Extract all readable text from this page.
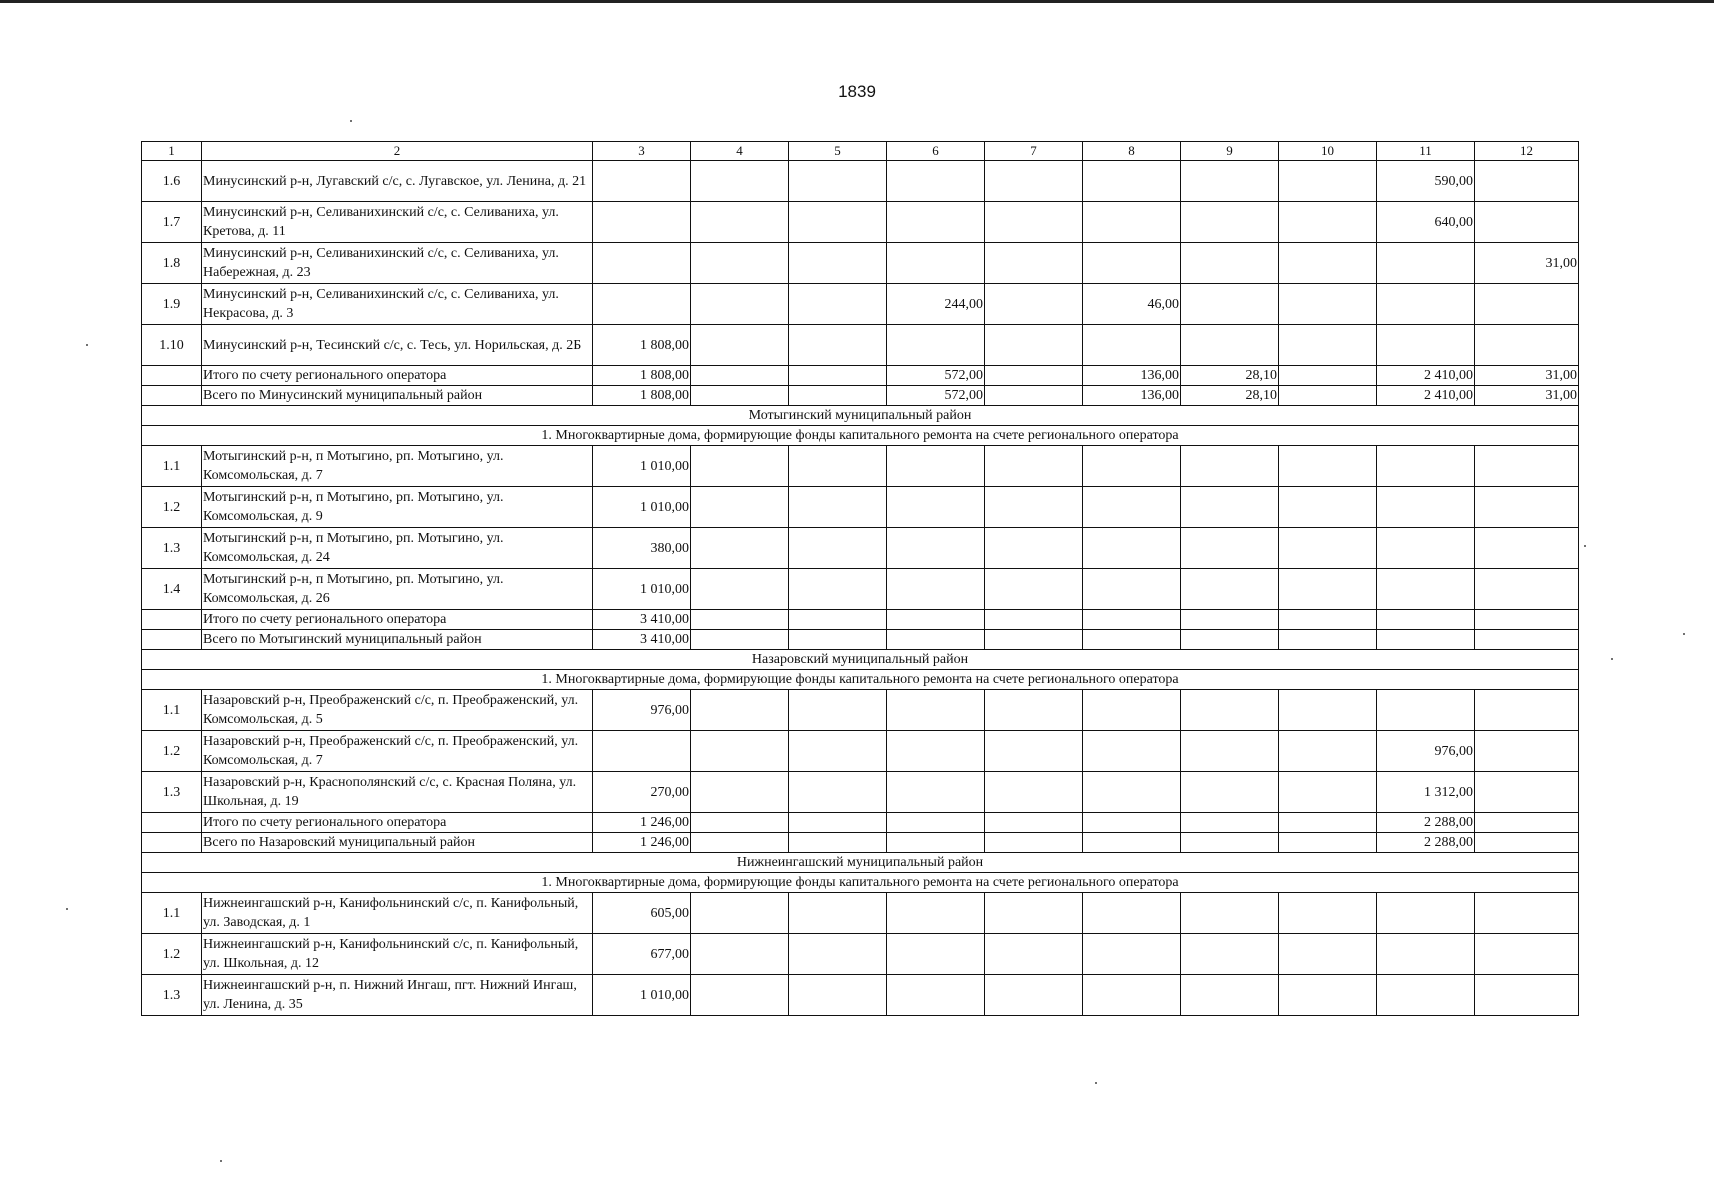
1839
1	2	3	4	5	6	7	8	9	10	11	12
1.6	Минусинский р-н, Лугавский с/с, с. Лугавское, ул. Ленина, д. 21									590,00	
1.7	Минусинский р-н, Селиванихинский с/с, с. Селиваниха, ул. Кретова, д. 11									640,00	
1.8	Минусинский р-н, Селиванихинский с/с, с. Селиваниха, ул. Набережная, д. 23										31,00
1.9	Минусинский р-н, Селиванихинский с/с, с. Селиваниха, ул. Некрасова, д. 3				244,00		46,00				
1.10	Минусинский р-н, Тесинский с/с, с. Тесь, ул. Норильская, д. 2Б	1 808,00									
	Итого по счету регионального оператора	1 808,00			572,00		136,00	28,10		2 410,00	31,00
	Всего по Минусинский муниципальный район	1 808,00			572,00		136,00	28,10		2 410,00	31,00
Мотыгинский муниципальный район											
1. Многоквартирные дома, формирующие фонды капитального ремонта на счете регионального оператора											
1.1	Мотыгинский р-н, п Мотыгино, рп. Мотыгино, ул. Комсомольская, д. 7	1 010,00									
1.2	Мотыгинский р-н, п Мотыгино, рп. Мотыгино, ул. Комсомольская, д. 9	1 010,00									
1.3	Мотыгинский р-н, п Мотыгино, рп. Мотыгино, ул. Комсомольская, д. 24	380,00									
1.4	Мотыгинский р-н, п Мотыгино, рп. Мотыгино, ул. Комсомольская, д. 26	1 010,00									
	Итого по счету регионального оператора	3 410,00									
	Всего по Мотыгинский муниципальный район	3 410,00									
Назаровский муниципальный район											
1. Многоквартирные дома, формирующие фонды капитального ремонта на счете регионального оператора											
1.1	Назаровский р-н, Преображенский с/с, п. Преображенский, ул. Комсомольская, д. 5	976,00									
1.2	Назаровский р-н, Преображенский с/с, п. Преображенский, ул. Комсомольская, д. 7									976,00	
1.3	Назаровский р-н, Краснополянский с/с, с. Красная Поляна, ул. Школьная, д. 19	270,00								1 312,00	
	Итого по счету регионального оператора	1 246,00								2 288,00	
	Всего по Назаровский муниципальный район	1 246,00								2 288,00	
Нижнеингашский муниципальный район											
1. Многоквартирные дома, формирующие фонды капитального ремонта на счете регионального оператора											
1.1	Нижнеингашский р-н, Канифольнинский с/с, п. Канифольный, ул. Заводская, д. 1	605,00									
1.2	Нижнеингашский р-н, Канифольнинский с/с, п. Канифольный, ул. Школьная, д. 12	677,00									
1.3	Нижнеингашский р-н, п. Нижний Ингаш, пгт. Нижний Ингаш, ул. Ленина, д. 35	1 010,00									
